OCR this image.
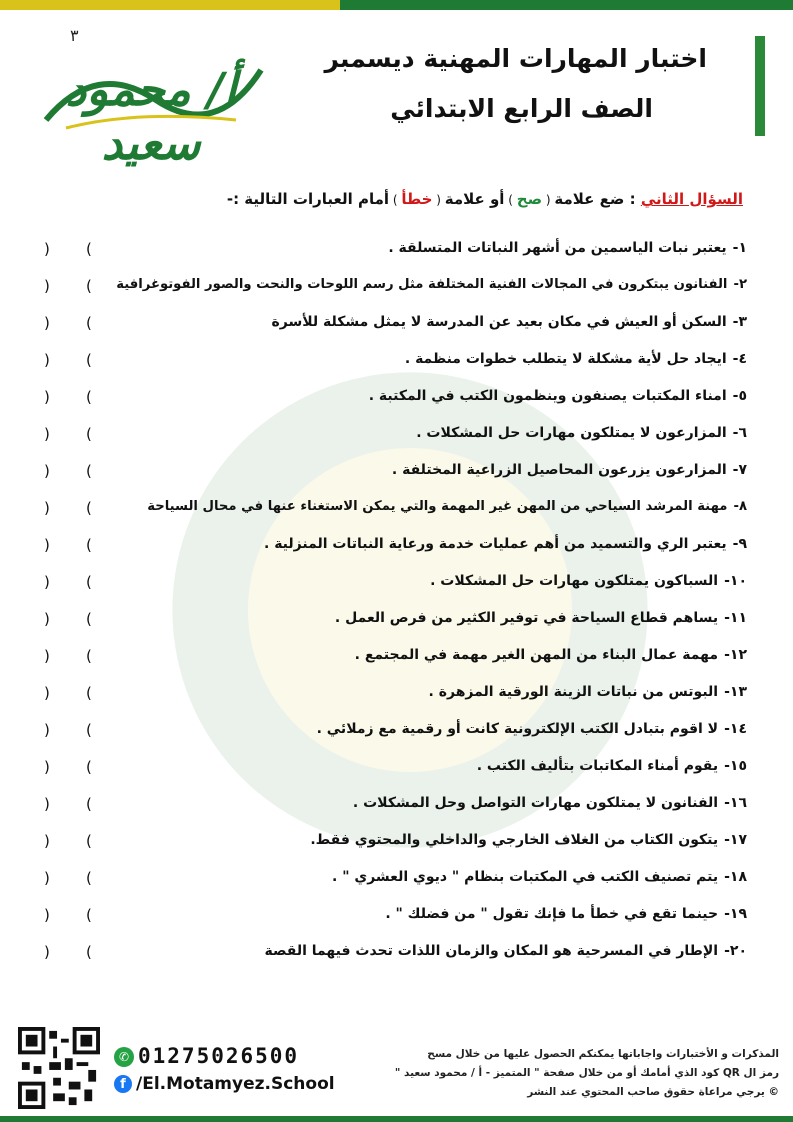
٣
أ/ محمود سعيد
اختبار المهارات المهنية ديسمبر
الصف الرابع الابتدائي
السؤال الثاني : ضع علامة ( صح ) أو علامة ( خطأ ) أمام العبارات التالية :-
١-يعتبر نبات الياسمين من أشهر النباتات المتسلقة .
(
)
٢-الفنانون يبتكرون في المجالات الفنية المختلفة مثل رسم اللوحات والنحت والصور الفوتوغرافية
(
)
٣-السكن أو العيش في مكان بعيد عن المدرسة لا يمثل مشكلة للأسرة
(
)
٤-ايجاد حل لأية مشكلة لا يتطلب خطوات منظمة .
(
)
٥-امناء المكتبات يصنفون وينظمون الكتب في المكتبة .
(
)
٦-المزارعون لا يمتلكون مهارات حل المشكلات .
(
)
٧-المزارعون يزرعون المحاصيل الزراعية المختلفة .
(
)
٨-مهنة المرشد السياحي من المهن غير المهمة والتي يمكن الاستغناء عنها في محال السياحة
(
)
٩-يعتبر الري والتسميد من أهم عمليات خدمة ورعاية النباتات المنزلية .
(
)
١٠-السباكون يمتلكون مهارات حل المشكلات .
(
)
١١-يساهم قطاع السياحة في توفير الكثير من فرص العمل .
(
)
١٢-مهمة عمال البناء من المهن الغير مهمة في المجتمع .
(
)
١٣-البوتس من نباتات الزينة الورقية المزهرة .
(
)
١٤-لا اقوم بتبادل الكتب الإلكترونية كانت أو رقمية مع زملائي .
(
)
١٥-يقوم أمناء المكاتبات بتأليف الكتب .
(
)
١٦-الفنانون لا يمتلكون مهارات التواصل وحل المشكلات .
(
)
١٧-يتكون الكتاب من الغلاف الخارجي والداخلي والمحتوي فقط.
(
)
١٨-يتم تصنيف الكتب في المكتبات بنظام " ديوي العشري " .
(
)
١٩-حينما تقع في خطأ ما فإنك تقول " من فضلك " .
(
)
٢٠-الإطار في المسرحية هو المكان والزمان اللذات تحدث فيهما القصة
(
)
المذكرات و الأختبارات واجاباتها يمكنكم الحصول عليها من خلال مسح
رمز ال QR كود الذي أمامك أو من خلال صفحة " المتميز - أ / محمود سعيد "
© يرجي مراعاة حقوق صاحب المحتوي عند النشر
✆ 01275026500
f /El.Motamyez.School
